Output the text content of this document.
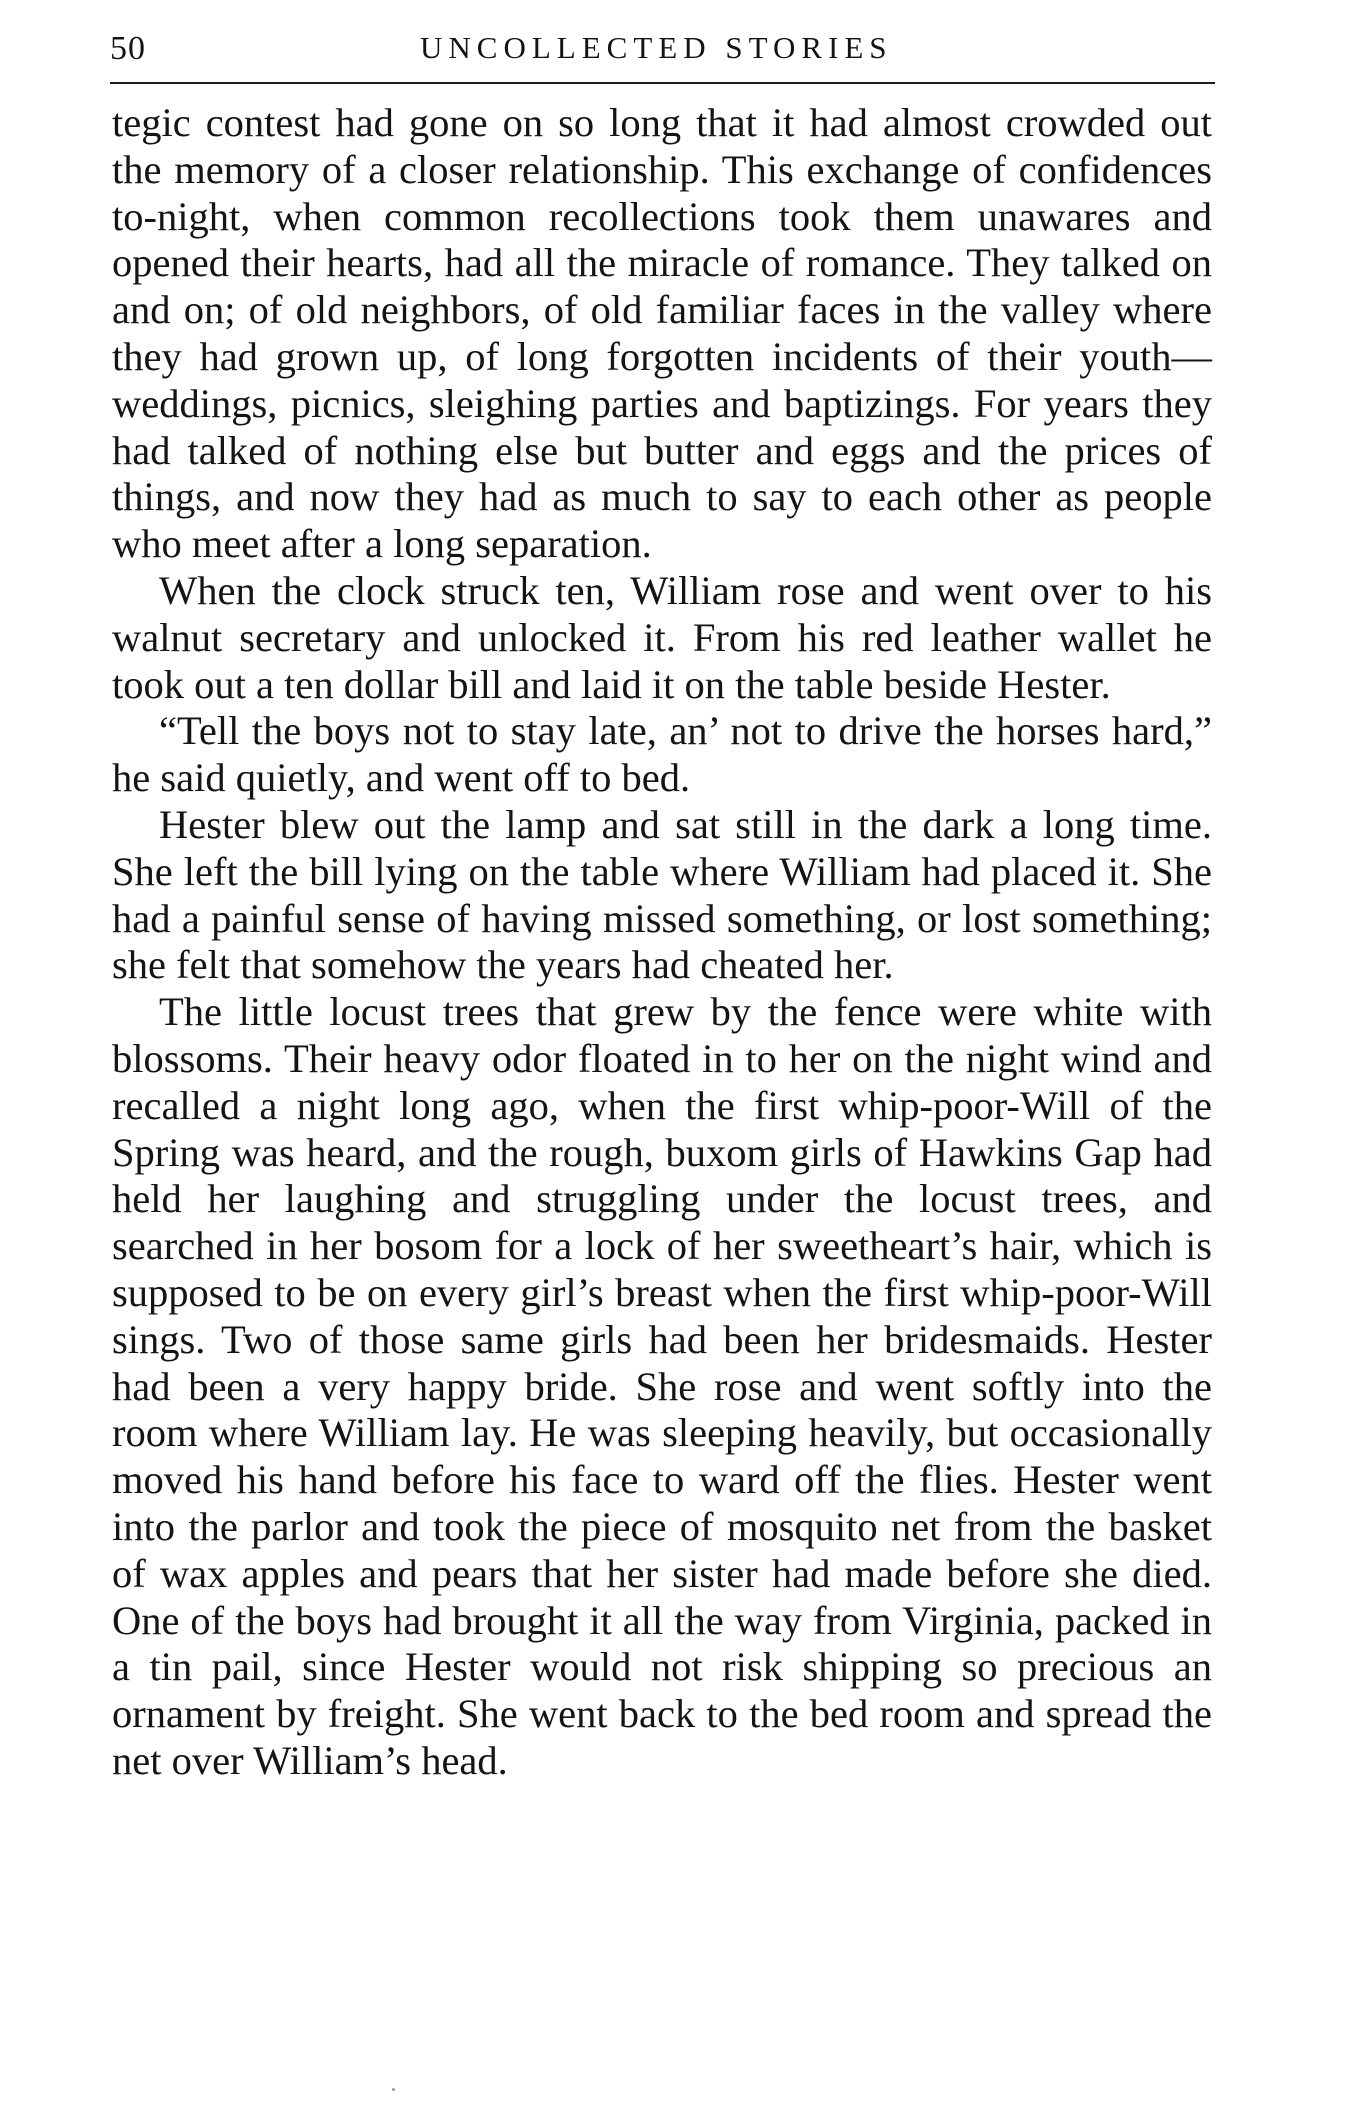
50	UNCOLLECTED STORIES

tegic contest had gone on so long that it had almost crowded out the memory of a closer relationship. This exchange of confidences to-night, when common recollections took them unawares and opened their hearts, had all the miracle of romance. They talked on and on; of old neighbors, of old familiar faces in the valley where they had grown up, of long forgotten incidents of their youth—weddings, picnics, sleighing parties and baptizings. For years they had talked of nothing else but butter and eggs and the prices of things, and now they had as much to say to each other as people who meet after a long separation.

When the clock struck ten, William rose and went over to his walnut secretary and unlocked it. From his red leather wallet he took out a ten dollar bill and laid it on the table beside Hester.

“Tell the boys not to stay late, an’ not to drive the horses hard,” he said quietly, and went off to bed.

Hester blew out the lamp and sat still in the dark a long time. She left the bill lying on the table where William had placed it. She had a painful sense of having missed something, or lost something; she felt that somehow the years had cheated her.

The little locust trees that grew by the fence were white with blossoms. Their heavy odor floated in to her on the night wind and recalled a night long ago, when the first whip-poor-Will of the Spring was heard, and the rough, buxom girls of Hawkins Gap had held her laughing and struggling under the locust trees, and searched in her bosom for a lock of her sweetheart’s hair, which is supposed to be on every girl’s breast when the first whip-poor-Will sings. Two of those same girls had been her bridesmaids. Hester had been a very happy bride. She rose and went softly into the room where William lay. He was sleeping heavily, but occasionally moved his hand before his face to ward off the flies. Hester went into the parlor and took the piece of mosquito net from the basket of wax apples and pears that her sister had made before she died. One of the boys had brought it all the way from Virginia, packed in a tin pail, since Hester would not risk shipping so precious an ornament by freight. She went back to the bed room and spread the net over William’s head.
